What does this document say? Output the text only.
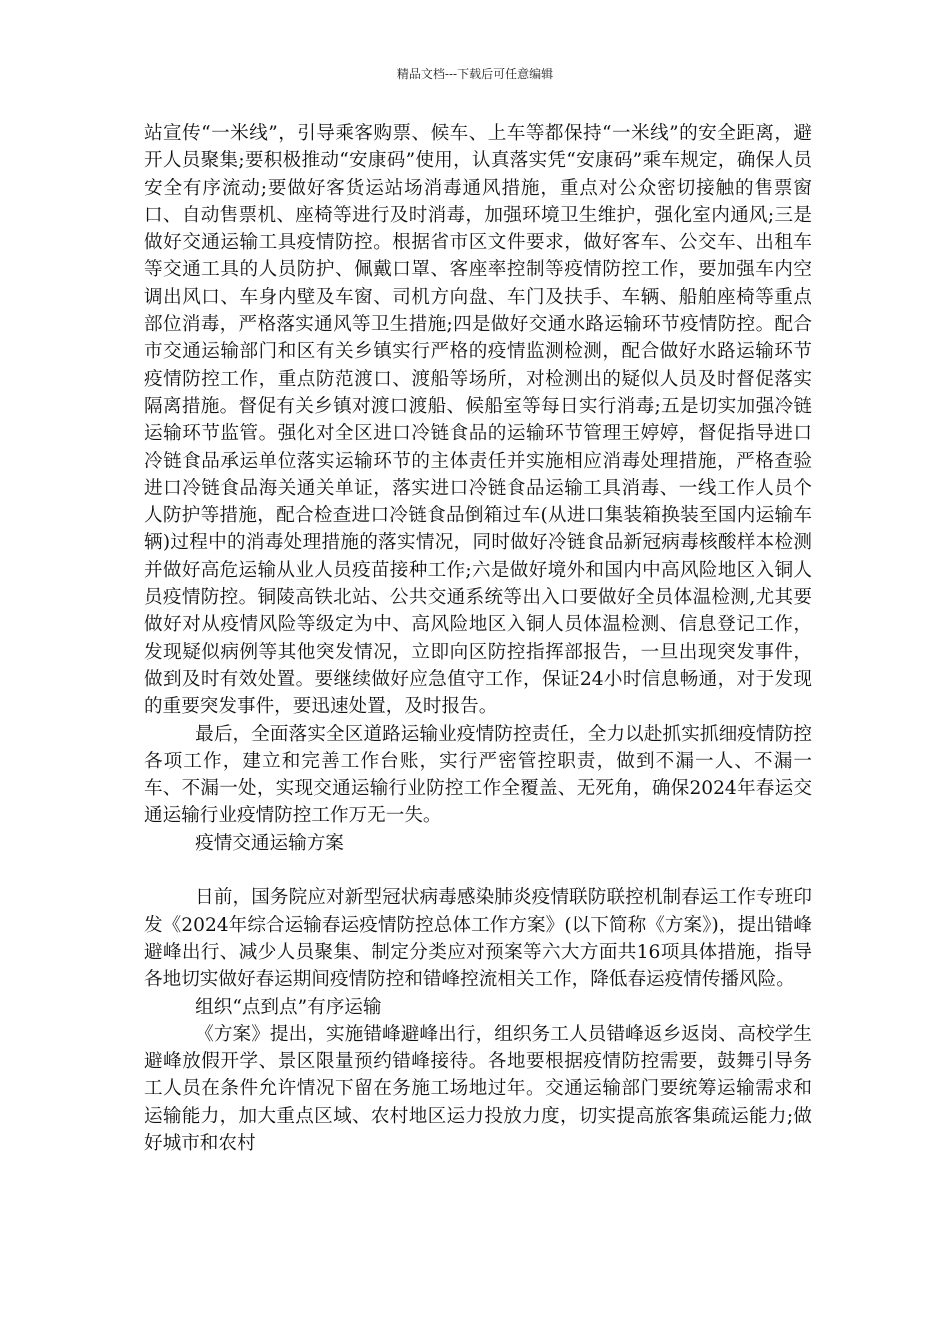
精品文档---下载后可任意编辑

站宣传“一米线”，引导乘客购票、候车、上车等都保持“一米线”的安全距离，避开人员聚集;要积极推动“安康码”使用，认真落实凭“安康码”乘车规定，确保人员安全有序流动;要做好客货运站场消毒通风措施，重点对公众密切接触的售票窗口、自动售票机、座椅等进行及时消毒，加强环境卫生维护，强化室内通风;三是做好交通运输工具疫情防控。根据省市区文件要求，做好客车、公交车、出租车等交通工具的人员防护、佩戴口罩、客座率控制等疫情防控工作，要加强车内空调出风口、车身内壁及车窗、司机方向盘、车门及扶手、车辆、船舶座椅等重点部位消毒，严格落实通风等卫生措施;四是做好交通水路运输环节疫情防控。配合市交通运输部门和区有关乡镇实行严格的疫情监测检测，配合做好水路运输环节疫情防控工作，重点防范渡口、渡船等场所，对检测出的疑似人员及时督促落实隔离措施。督促有关乡镇对渡口渡船、候船室等每日实行消毒;五是切实加强冷链运输环节监管。强化对全区进口冷链食品的运输环节管理王婷婷，督促指导进口冷链食品承运单位落实运输环节的主体责任并实施相应消毒处理措施，严格查验进口冷链食品海关通关单证，落实进口冷链食品运输工具消毒、一线工作人员个人防护等措施，配合检查进口冷链食品倒箱过车(从进口集装箱换装至国内运输车辆)过程中的消毒处理措施的落实情况，同时做好冷链食品新冠病毒核酸样本检测并做好高危运输从业人员疫苗接种工作;六是做好境外和国内中高风险地区入铜人员疫情防控。铜陵高铁北站、公共交通系统等出入口要做好全员体温检测,尤其要做好对从疫情风险等级定为中、高风险地区入铜人员体温检测、信息登记工作，发现疑似病例等其他突发情况，立即向区防控指挥部报告，一旦出现突发事件，做到及时有效处置。要继续做好应急值守工作，保证24小时信息畅通，对于发现的重要突发事件，要迅速处置，及时报告。

最后，全面落实全区道路运输业疫情防控责任，全力以赴抓实抓细疫情防控各项工作，建立和完善工作台账，实行严密管控职责，做到不漏一人、不漏一车、不漏一处，实现交通运输行业防控工作全覆盖、无死角，确保2024年春运交通运输行业疫情防控工作万无一失。

疫情交通运输方案

日前，国务院应对新型冠状病毒感染肺炎疫情联防联控机制春运工作专班印发《2024年综合运输春运疫情防控总体工作方案》(以下简称《方案》)，提出错峰避峰出行、减少人员聚集、制定分类应对预案等六大方面共16项具体措施，指导各地切实做好春运期间疫情防控和错峰控流相关工作，降低春运疫情传播风险。

组织“点到点”有序运输

《方案》提出，实施错峰避峰出行，组织务工人员错峰返乡返岗、高校学生避峰放假开学、景区限量预约错峰接待。各地要根据疫情防控需要，鼓舞引导务工人员在条件允许情况下留在务施工场地过年。交通运输部门要统筹运输需求和运输能力，加大重点区域、农村地区运力投放力度，切实提高旅客集疏运能力;做好城市和农村
